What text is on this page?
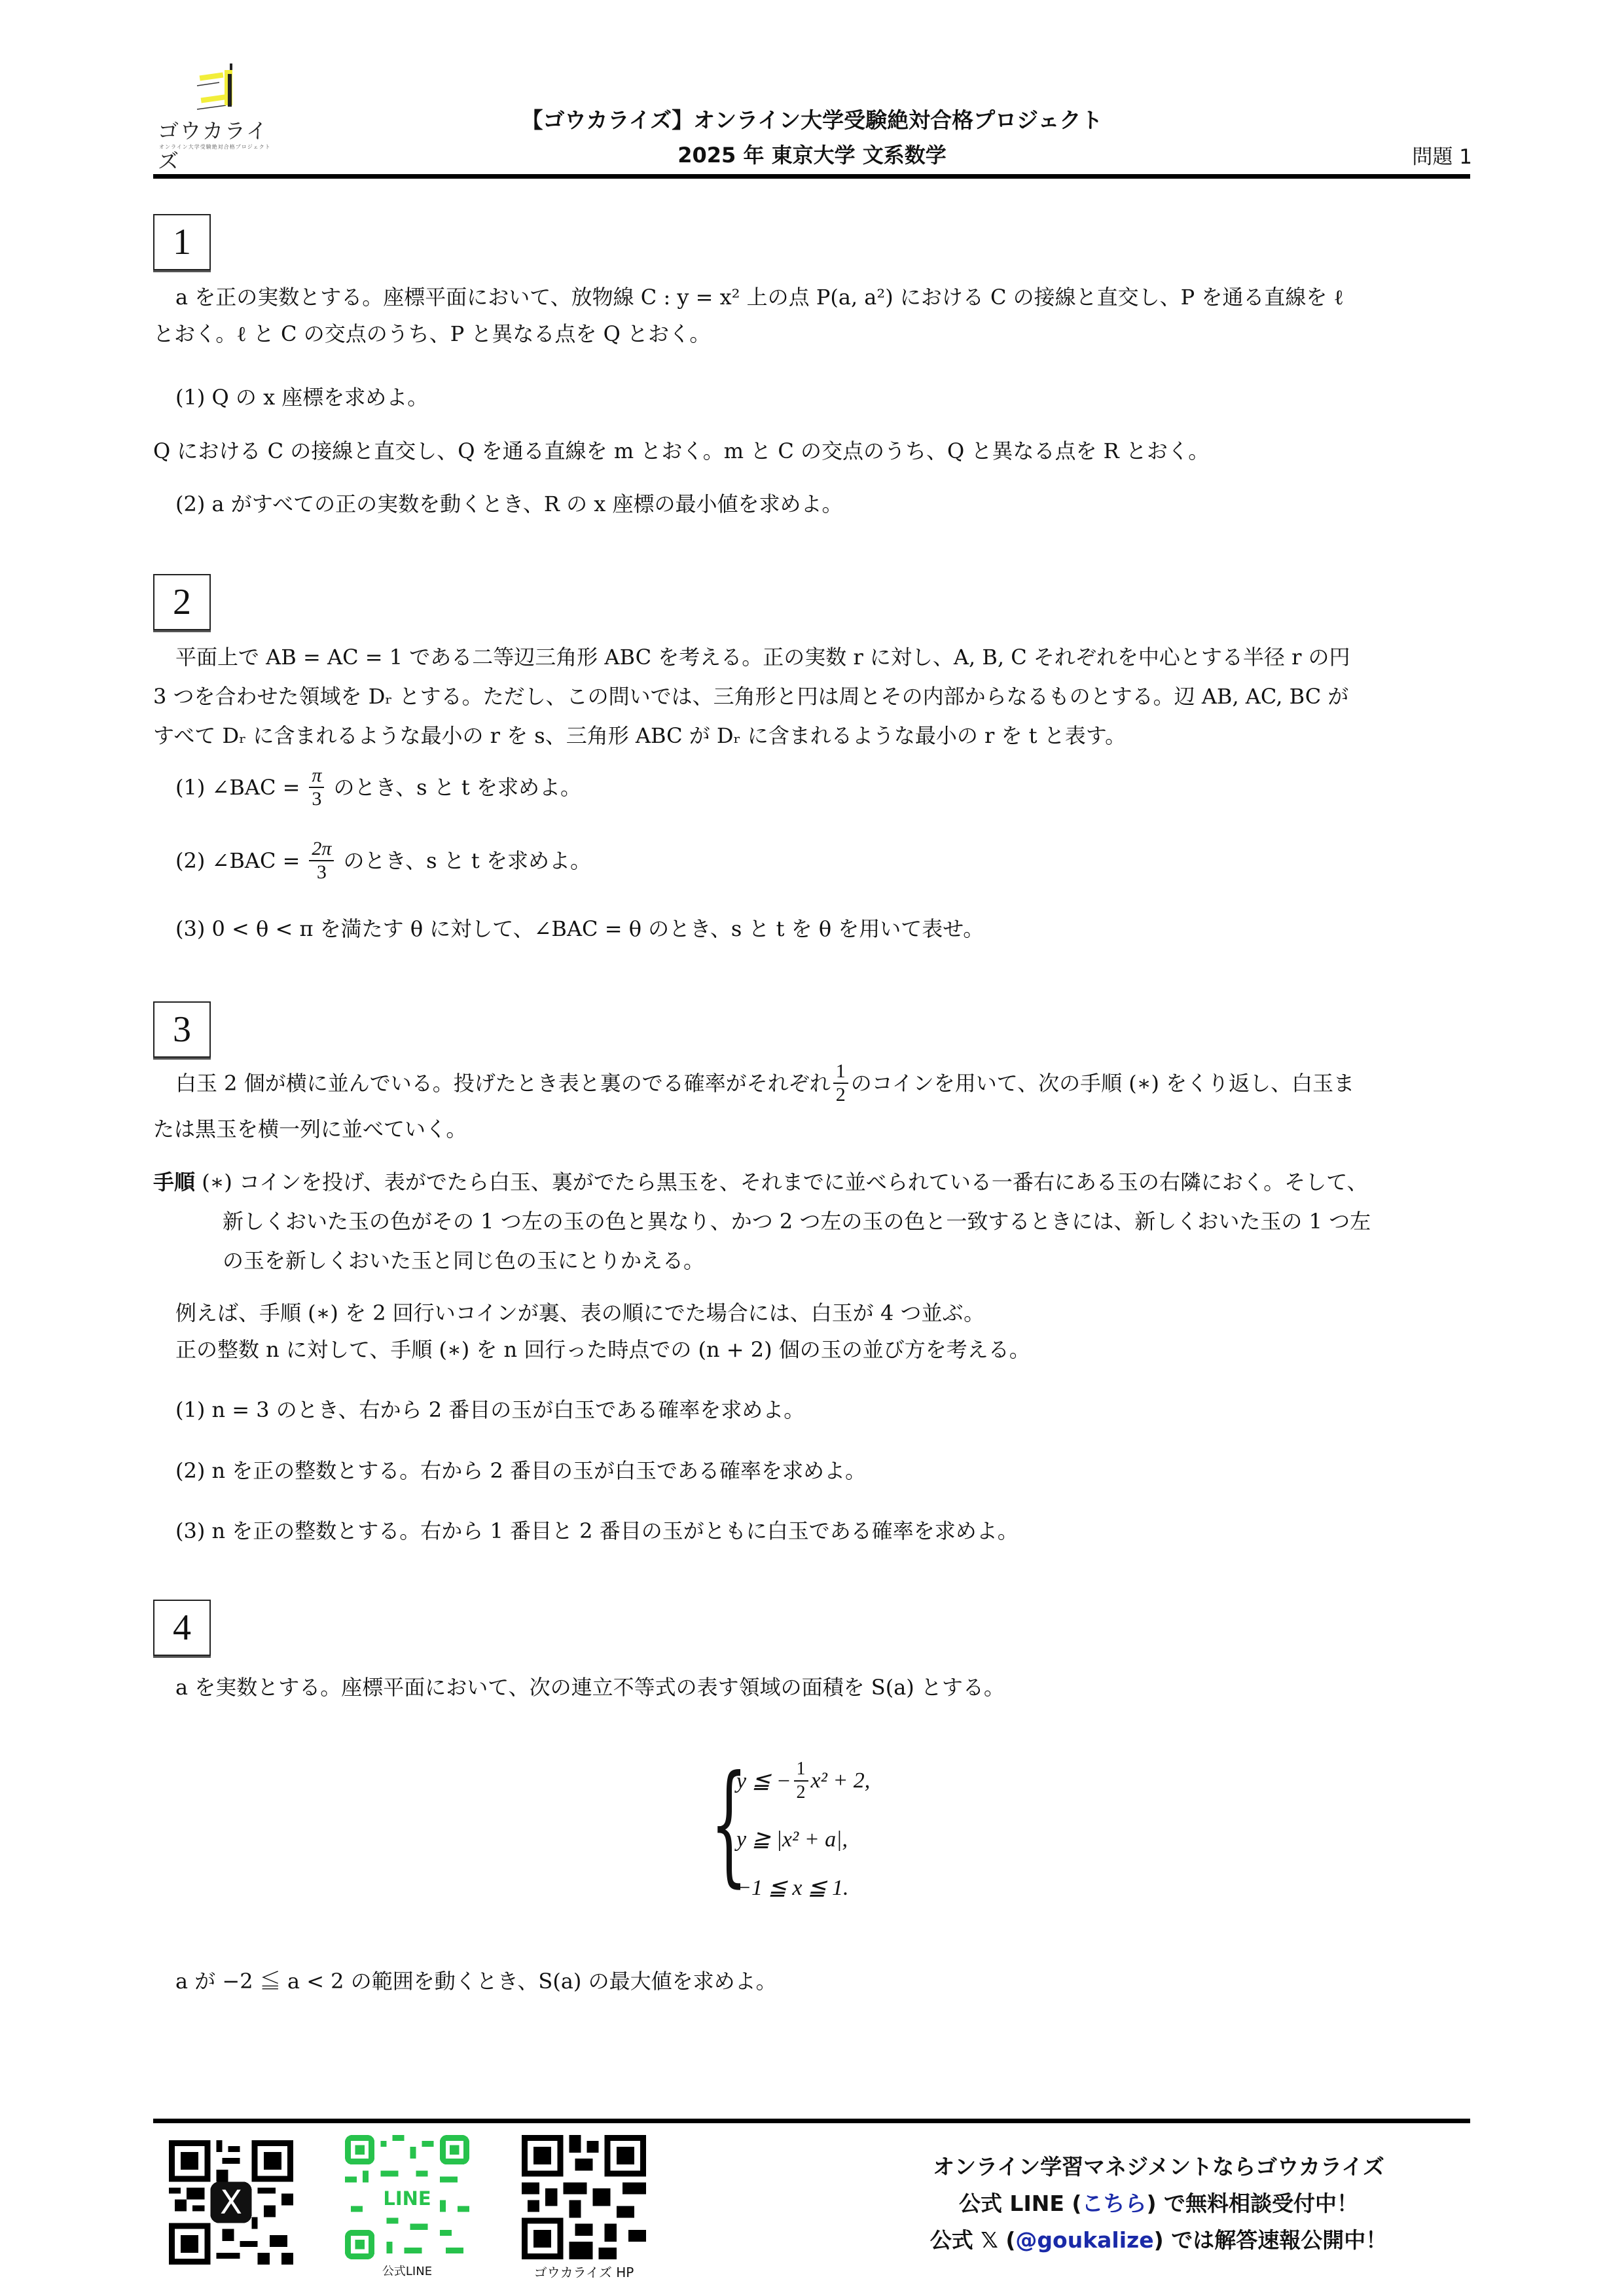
ゴウカライズ
オンライン大学受験絶対合格プロジェクト
【ゴウカライズ】オンライン大学受験絶対合格プロジェクト
2025 年 東京大学 文系数学	問題 1
1
a を正の実数とする。座標平面において、放物線 C : y = x² 上の点 P(a, a²) における C の接線と直交し、P を通る直線を ℓ
とおく。ℓ と C の交点のうち、P と異なる点を Q とおく。
(1) Q の x 座標を求めよ。
Q における C の接線と直交し、Q を通る直線を m とおく。m と C の交点のうち、Q と異なる点を R とおく。
(2) a がすべての正の実数を動くとき、R の x 座標の最小値を求めよ。
2
平面上で AB = AC = 1 である二等辺三角形 ABC を考える。正の実数 r に対し、A, B, C それぞれを中心とする半径 r の円
3 つを合わせた領域を Dᵣ とする。ただし、この問いでは、三角形と円は周とその内部からなるものとする。辺 AB, AC, BC が
すべて Dᵣ に含まれるような最小の r を s、三角形 ABC が Dᵣ に含まれるような最小の r を t と表す。
(1) ∠BAC = $\frac{\pi}{3}$ のとき、s と t を求めよ。
(2) ∠BAC = $\frac{2\pi}{3}$ のとき、s と t を求めよ。
(3) 0 < θ < π を満たす θ に対して、∠BAC = θ のとき、s と t を θ を用いて表せ。
3
白玉 2 個が横に並んでいる。投げたとき表と裏のでる確率がそれぞれ $\frac{1}{2}$ のコインを用いて、次の手順 (∗) をくり返し、白玉ま
たは黒玉を横一列に並べていく。
手順 (∗) コインを投げ、表がでたら白玉、裏がでたら黒玉を、それまでに並べられている一番右にある玉の右隣におく。そして、
新しくおいた玉の色がその 1 つ左の玉の色と異なり、かつ 2 つ左の玉の色と一致するときには、新しくおいた玉の 1 つ左
の玉を新しくおいた玉と同じ色の玉にとりかえる。
例えば、手順 (∗) を 2 回行いコインが裏、表の順にでた場合には、白玉が 4 つ並ぶ。
正の整数 n に対して、手順 (∗) を n 回行った時点での (n + 2) 個の玉の並び方を考える。
(1) n = 3 のとき、右から 2 番目の玉が白玉である確率を求めよ。
(2) n を正の整数とする。右から 2 番目の玉が白玉である確率を求めよ。
(3) n を正の整数とする。右から 1 番目と 2 番目の玉がともに白玉である確率を求めよ。
4
a を実数とする。座標平面において、次の連立不等式の表す領域の面積を S(a) とする。
{
y ≦ − $\frac{1}{2} x^2 + 2$,
y ≧ |x² + a|,
−1 ≦ x ≦ 1.
a が −2 ≦ a < 2 の範囲を動くとき、S(a) の最大値を求めよ。
X	LINE
公式LINE	ゴウカライズ HP
オンライン学習マネジメントならゴウカライズ
公式 LINE (こちら) で無料相談受付中！
公式 𝕏 (@goukalize) では解答速報公開中！
